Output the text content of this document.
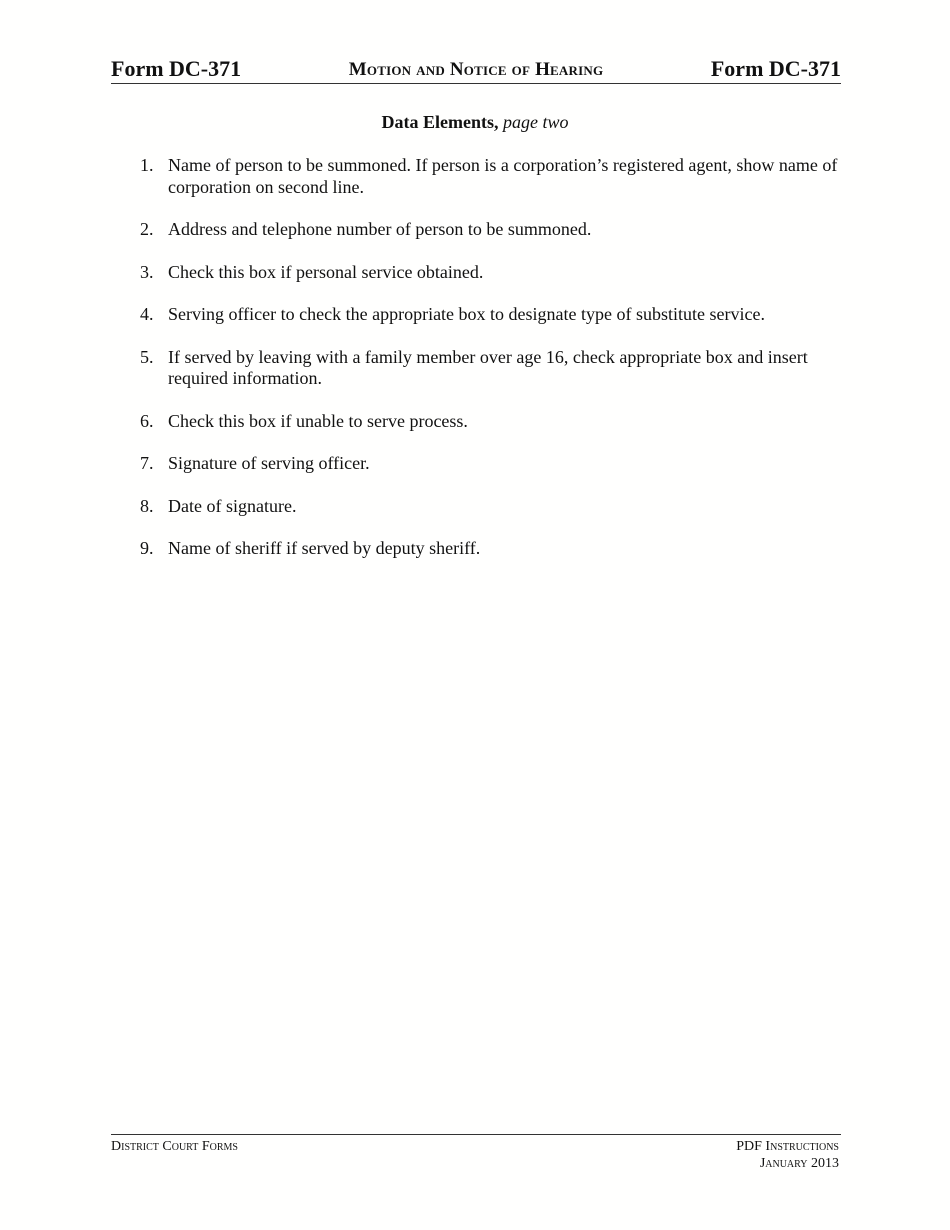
Form DC-371	Motion and Notice of Hearing	Form DC-371
Data Elements, page two
1. Name of person to be summoned. If person is a corporation’s registered agent, show name of corporation on second line.
2. Address and telephone number of person to be summoned.
3. Check this box if personal service obtained.
4. Serving officer to check the appropriate box to designate type of substitute service.
5. If served by leaving with a family member over age 16, check appropriate box and insert required information.
6. Check this box if unable to serve process.
7. Signature of serving officer.
8. Date of signature.
9. Name of sheriff if served by deputy sheriff.
District Court Forms	PDF Instructions
January 2013
